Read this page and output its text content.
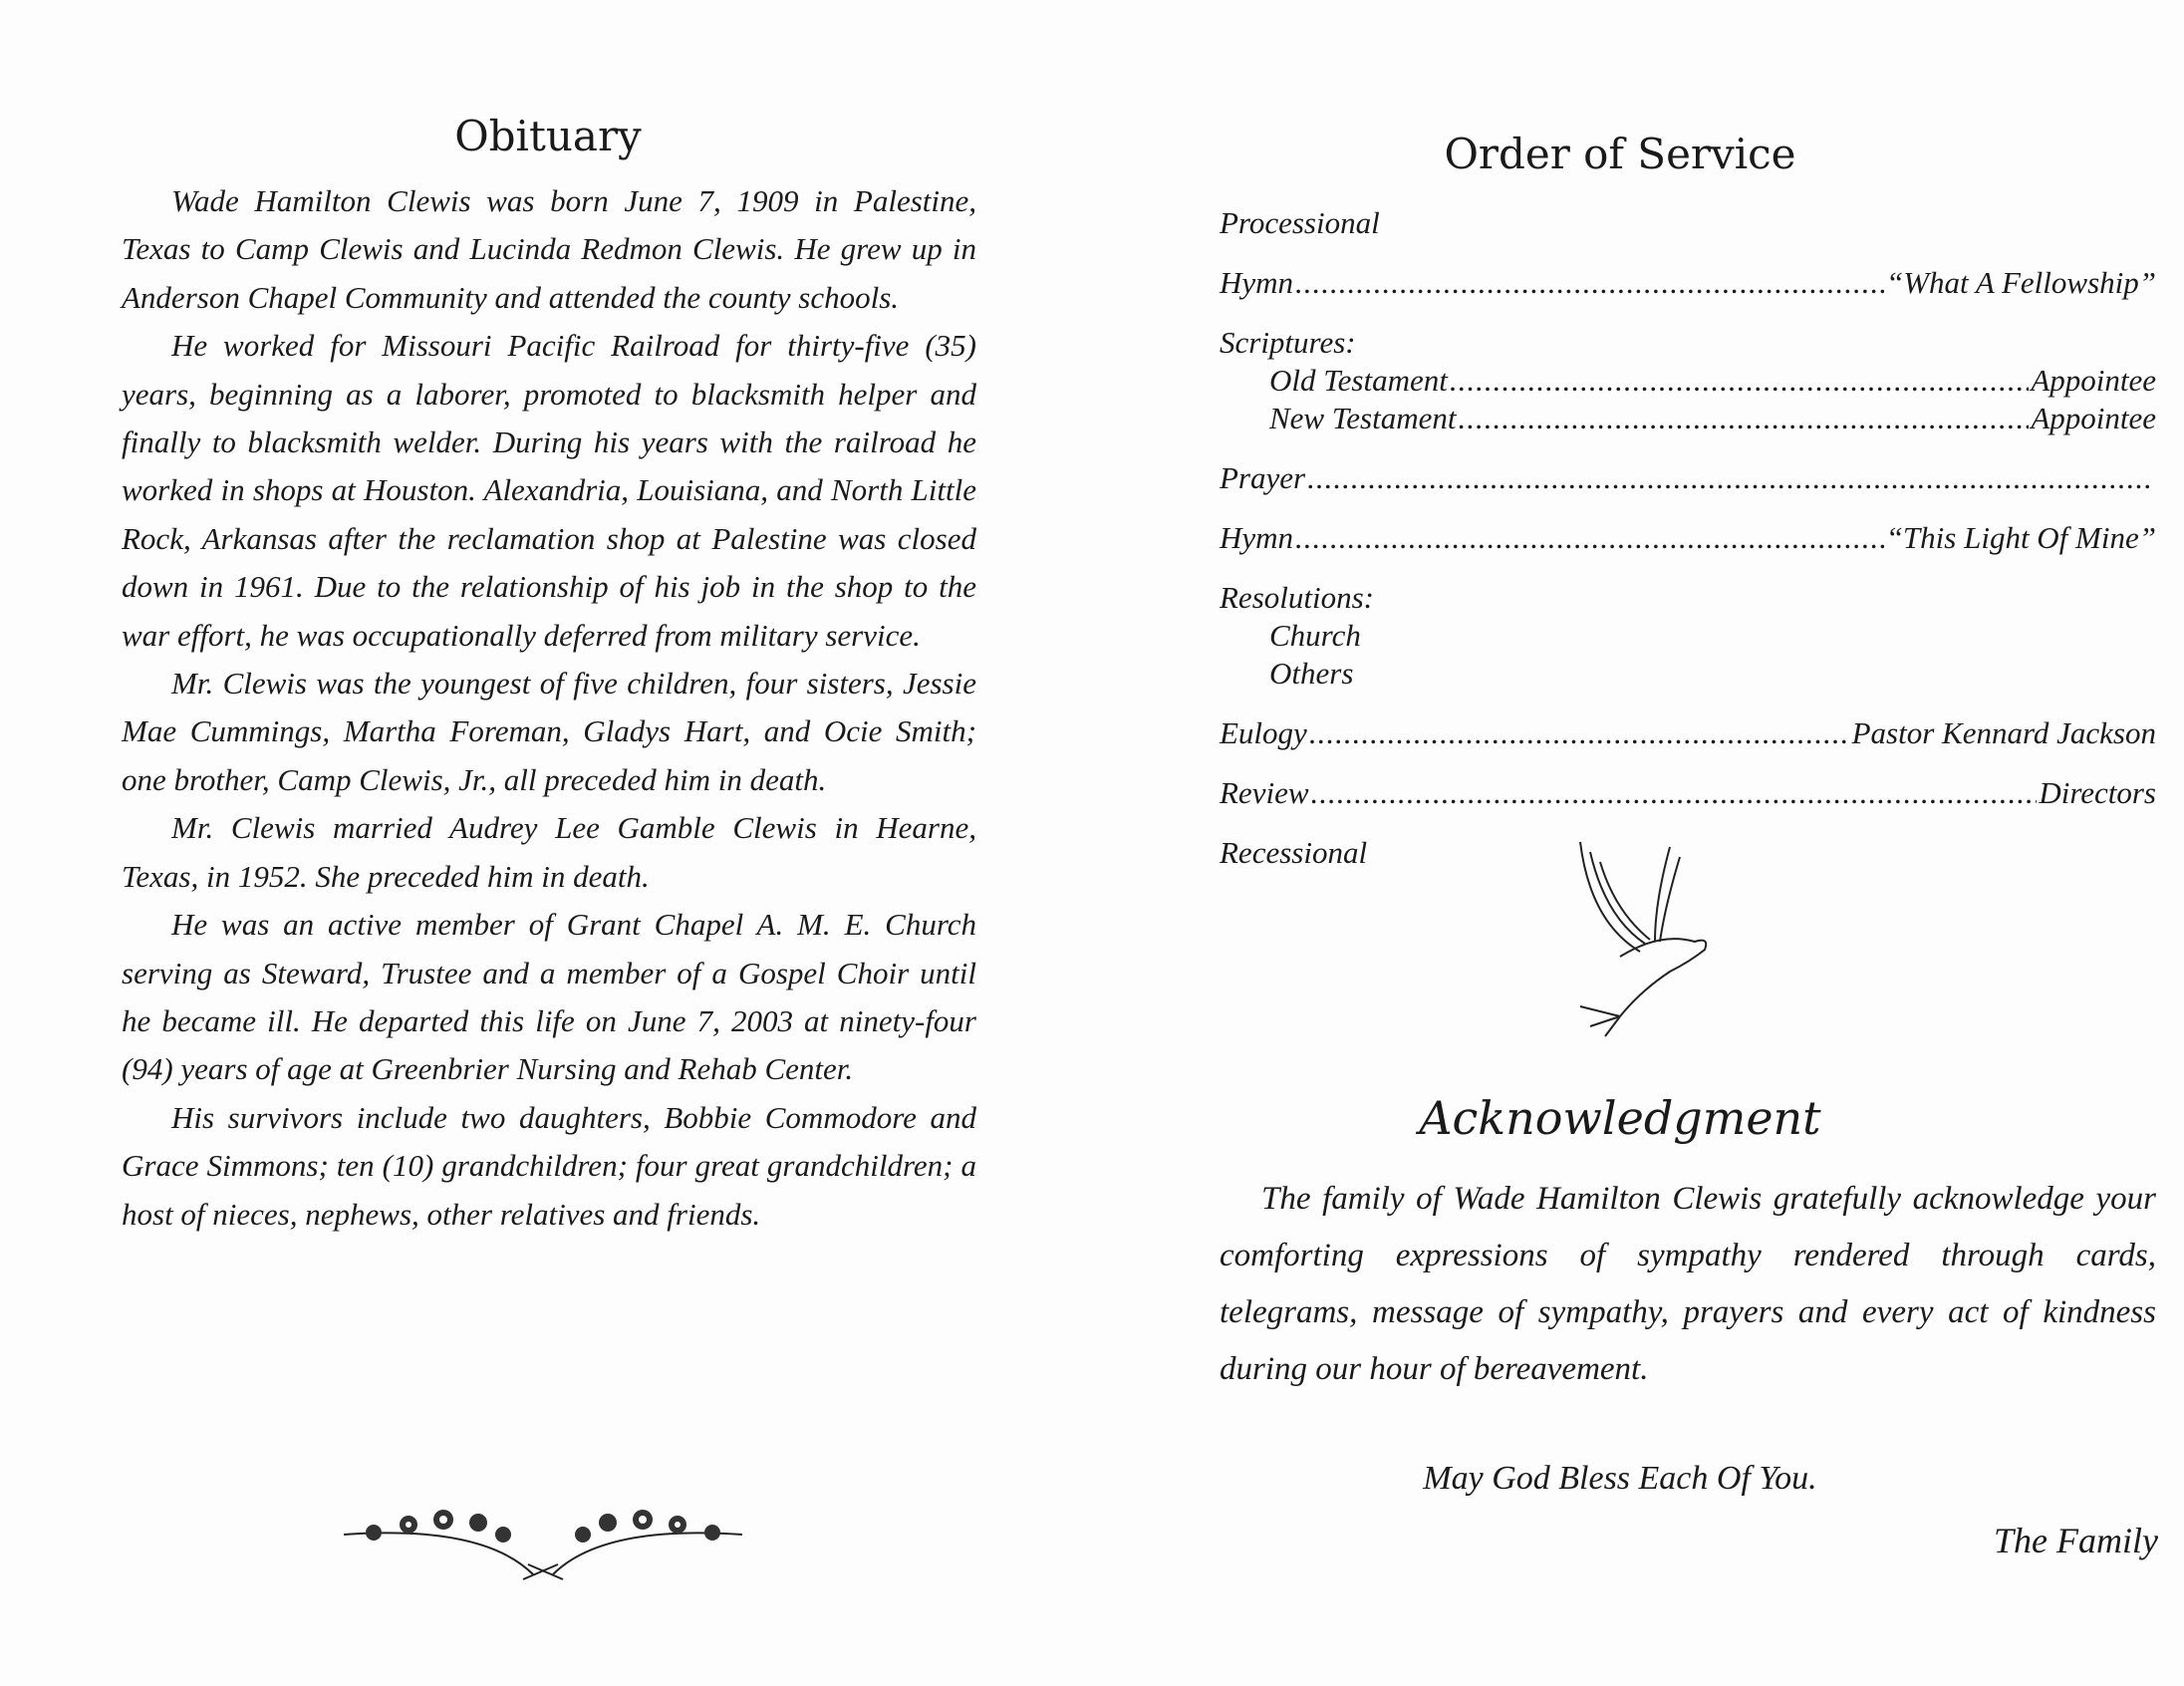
Obituary

Wade Hamilton Clewis was born June 7, 1909 in Palestine, Texas to Camp Clewis and Lucinda Redmon Clewis. He grew up in Anderson Chapel Community and attended the county schools.

He worked for Missouri Pacific Railroad for thirty-five (35) years, beginning as a laborer, promoted to blacksmith helper and finally to blacksmith welder. During his years with the railroad he worked in shops at Houston. Alexandria, Louisiana, and North Little Rock, Arkansas after the reclamation shop at Palestine was closed down in 1961. Due to the relationship of his job in the shop to the war effort, he was occupationally deferred from military service.

Mr. Clewis was the youngest of five children, four sisters, Jessie Mae Cummings, Martha Foreman, Gladys Hart, and Ocie Smith; one brother, Camp Clewis, Jr., all preceded him in death.

Mr. Clewis married Audrey Lee Gamble Clewis in Hearne, Texas, in 1952. She preceded him in death.

He was an active member of Grant Chapel A. M. E. Church serving as Steward, Trustee and a member of a Gospel Choir until he became ill. He departed this life on June 7, 2003 at ninety-four (94) years of age at Greenbrier Nursing and Rehab Center.

His survivors include two daughters, Bobbie Commodore and Grace Simmons; ten (10) grandchildren; four great grandchildren; a host of nieces, nephews, other relatives and friends.

Order of Service
Processional
Hymn .....	“What A Fellowship”
Scriptures:
Old Testament .....	Appointee
New Testament .....	Appointee
Prayer
.....
Hymn .....	“This Light Of Mine”
Resolutions:
Church
Others
Eulogy .....	Pastor Kennard Jackson
Review .....	Directors
Recessional
Acknowledgment

The family of Wade Hamilton Clewis gratefully acknowledge your comforting expressions of sympathy rendered through cards, telegrams, message of sympathy, prayers and every act of kindness during our hour of bereavement.

May God Bless Each Of You.
The Family
